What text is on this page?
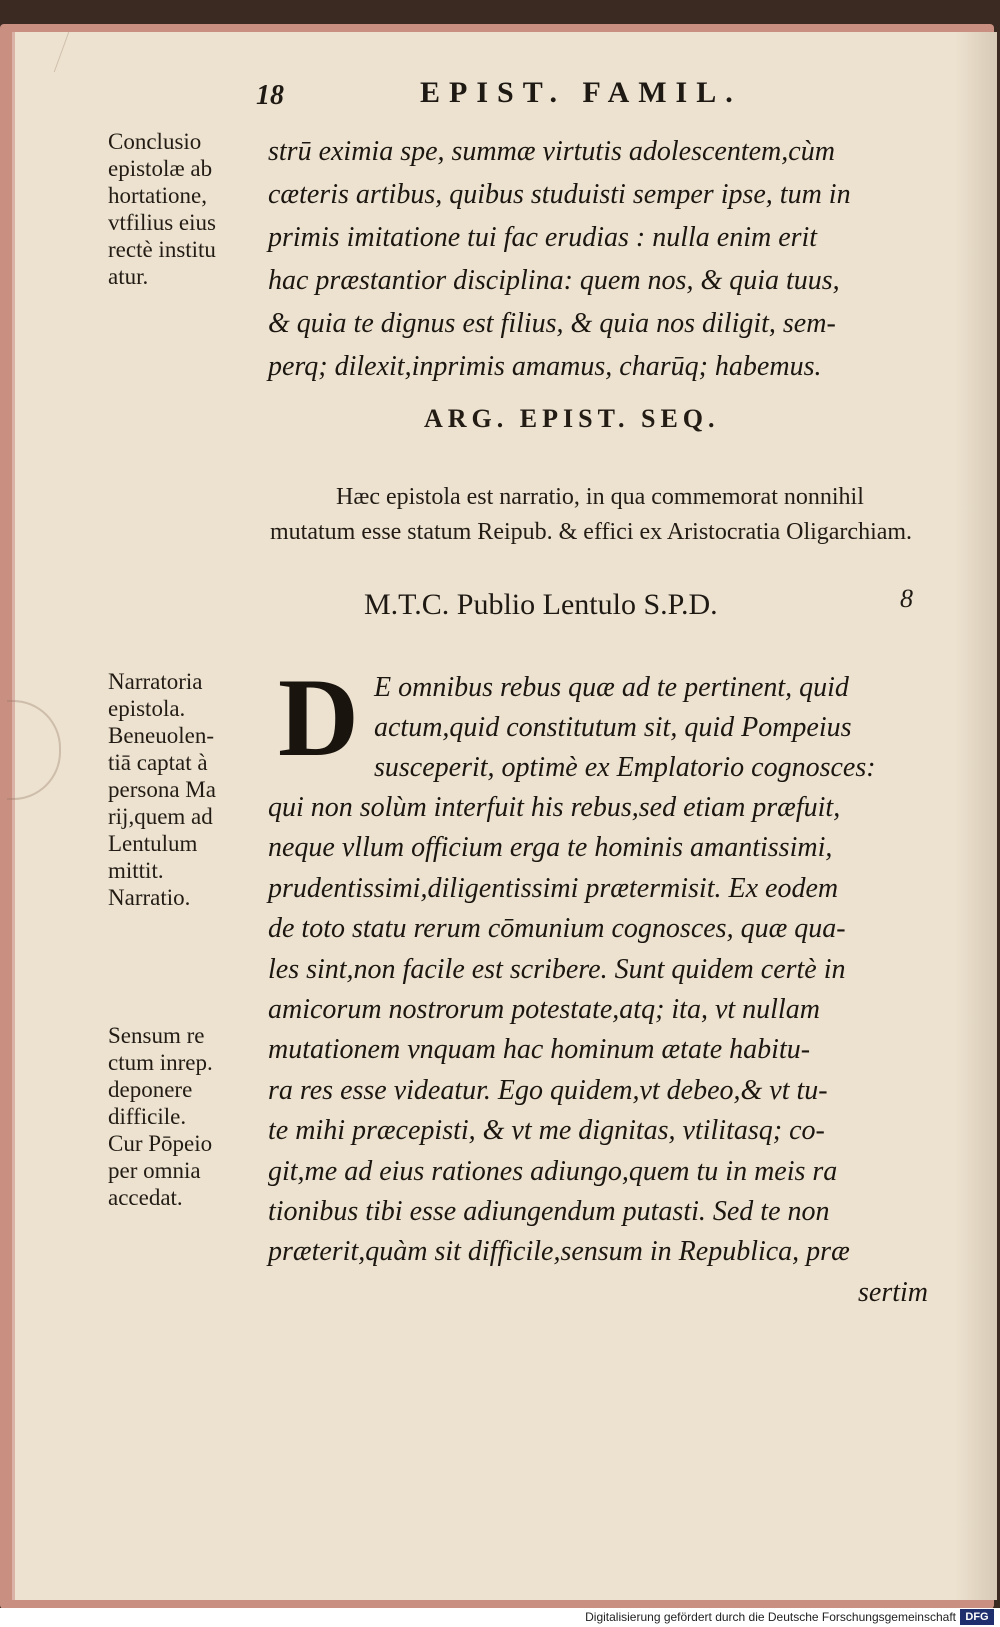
18	EPIST. FAMIL.
Conclusio
epistolæ ab
hortatione,
vtfilius eius
rectè institu
atur.
strū eximia spe, summæ virtutis adolescentem,cùm
cæteris artibus, quibus studuisti semper ipse, tum in
primis imitatione tui fac erudias : nulla enim erit
hac præstantior disciplina: quem nos, & quia tuus,
& quia te dignus est filius, & quia nos diligit, sem-
perq; dilexit,inprimis amamus, charūq; habemus.
ARG. EPIST. SEQ.
Hæc epistola est narratio, in qua commemorat nonnihil mutatum esse statum Reipub. & effici ex Aristocratia Oligarchiam.
M.T.C. Publio Lentulo S.P.D.	8
Narratoria
epistola.
Beneuolen-
tiā captat à
persona Ma
rij,quem ad
Lentulum
mittit.
Narratio.
Sensum re
ctum inrep.
deponere
difficile.
Cur Pōpeio
per omnia
accedat.
D E omnibus rebus quæ ad te pertinent, quid
actum,quid constitutum sit, quid Pompeius
susceperit, optimè ex Emplatorio cognosces:
qui non solùm interfuit his rebus,sed etiam præfuit,
neque vllum officium erga te hominis amantissimi,
prudentissimi,diligentissimi prætermisit. Ex eodem
de toto statu rerum cōmunium cognosces, quæ qua-
les sint,non facile est scribere. Sunt quidem certè in
amicorum nostrorum potestate,atq; ita, vt nullam
mutationem vnquam hac hominum ætate habitu-
ra res esse videatur. Ego quidem,vt debeo,& vt tu-
te mihi præcepisti, & vt me dignitas, vtilitasq; co-
git,me ad eius rationes adiungo,quem tu in meis ra
tionibus tibi esse adiungendum putasti. Sed te non
præterit,quàm sit difficile,sensum in Republica, præ
sertim
Digitalisierung gefördert durch die Deutsche Forschungsgemeinschaft DFG
